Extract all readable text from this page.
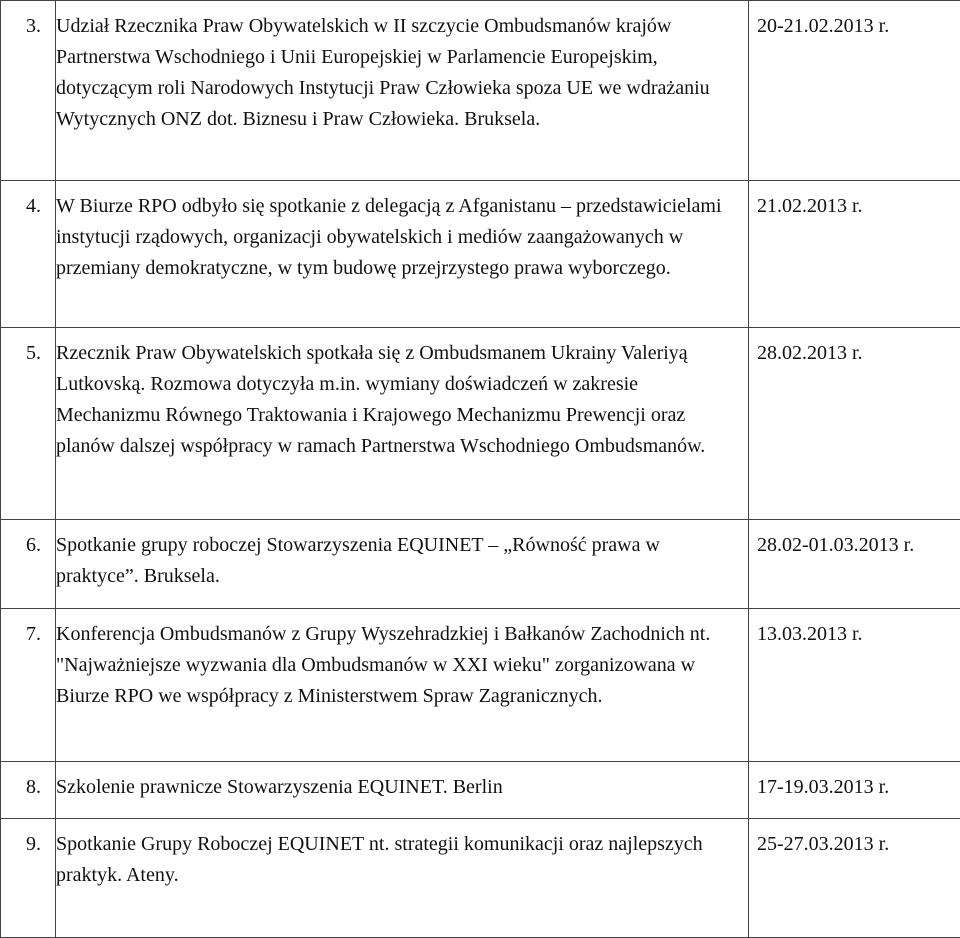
3.	Udział Rzecznika Praw Obywatelskich w II szczycie Ombudsmanów krajów Partnerstwa Wschodniego i Unii Europejskiej w Parlamencie Europejskim, dotyczącym roli Narodowych Instytucji Praw Człowieka spoza UE we wdrażaniu Wytycznych ONZ dot. Biznesu i Praw Człowieka. Bruksela.	20-21.02.2013 r.
4.	W Biurze RPO odbyło się spotkanie z delegacją z Afganistanu – przedstawicielami instytucji rządowych, organizacji obywatelskich i mediów zaangażowanych w przemiany demokratyczne, w tym budowę przejrzystego prawa wyborczego.	21.02.2013 r.
5.	Rzecznik Praw Obywatelskich spotkała się z Ombudsmanem Ukrainy Valeriyą Lutkovską. Rozmowa dotyczyła m.in. wymiany doświadczeń w zakresie Mechanizmu Równego Traktowania i Krajowego Mechanizmu Prewencji oraz planów dalszej współpracy w ramach Partnerstwa Wschodniego Ombudsmanów.	28.02.2013 r.
6.	Spotkanie grupy roboczej Stowarzyszenia EQUINET – „Równość prawa w praktyce”. Bruksela.	28.02-01.03.2013 r.
7.	Konferencja Ombudsmanów z Grupy Wyszehradzkiej i Bałkanów Zachodnich nt. "Najważniejsze wyzwania dla Ombudsmanów w XXI wieku" zorganizowana w Biurze RPO we współpracy z Ministerstwem Spraw Zagranicznych.	13.03.2013 r.
8.	Szkolenie prawnicze Stowarzyszenia EQUINET. Berlin	17-19.03.2013 r.
9.	Spotkanie Grupy Roboczej EQUINET nt. strategii komunikacji oraz najlepszych praktyk. Ateny.	25-27.03.2013 r.
